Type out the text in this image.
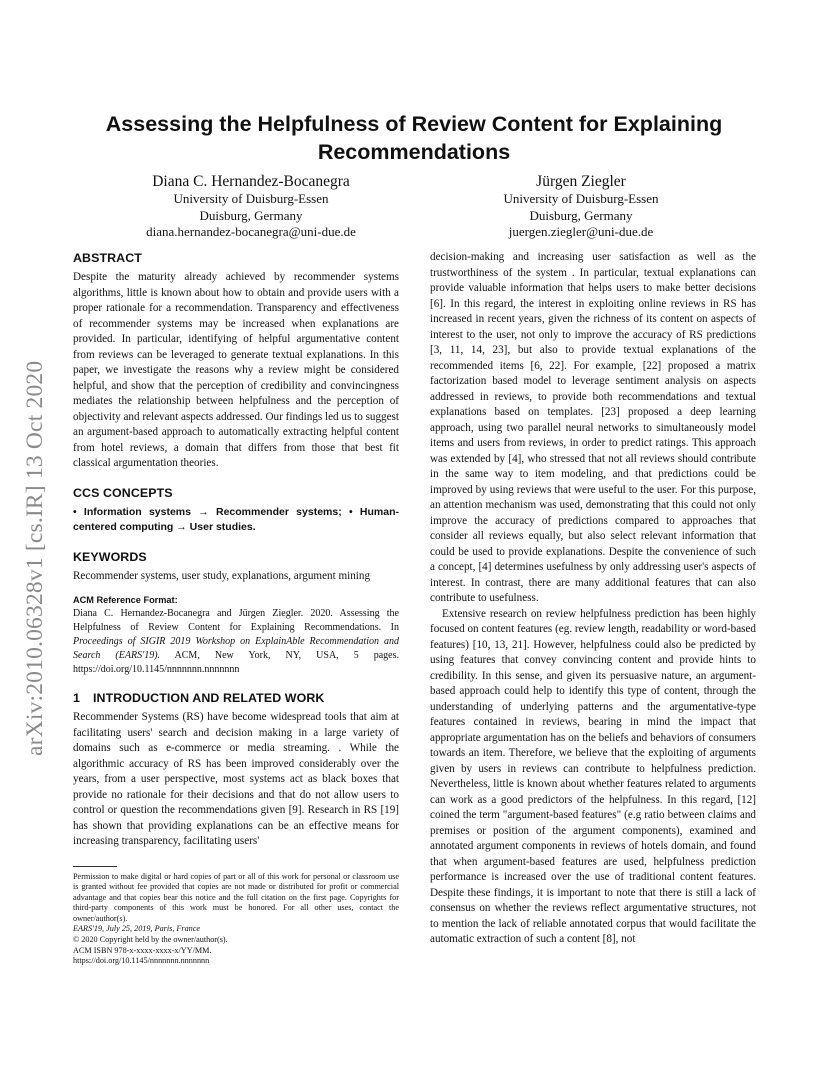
arXiv:2010.06328v1 [cs.IR] 13 Oct 2020
Assessing the Helpfulness of Review Content for Explaining Recommendations
Diana C. Hernandez-Bocanegra
University of Duisburg-Essen
Duisburg, Germany
diana.hernandez-bocanegra@uni-due.de
Jürgen Ziegler
University of Duisburg-Essen
Duisburg, Germany
juergen.ziegler@uni-due.de
ABSTRACT

Despite the maturity already achieved by recommender systems algorithms, little is known about how to obtain and provide users with a proper rationale for a recommendation. Transparency and effectiveness of recommender systems may be increased when explanations are provided. In particular, identifying of helpful argumentative content from reviews can be leveraged to generate textual explanations. In this paper, we investigate the reasons why a review might be considered helpful, and show that the perception of credibility and convincingness mediates the relationship between helpfulness and the perception of objectivity and relevant aspects addressed. Our findings led us to suggest an argument-based approach to automatically extracting helpful content from hotel reviews, a domain that differs from those that best fit classical argumentation theories.

CCS CONCEPTS

• Information systems → Recommender systems; • Human-centered computing → User studies.

KEYWORDS

Recommender systems, user study, explanations, argument mining

ACM Reference Format:

Diana C. Hernandez-Bocanegra and Jürgen Ziegler. 2020. Assessing the Helpfulness of Review Content for Explaining Recommendations. In Proceedings of SIGIR 2019 Workshop on ExplainAble Recommendation and Search (EARS'19). ACM, New York, NY, USA, 5 pages. https://doi.org/10.1145/nnnnnnn.nnnnnnn

1 INTRODUCTION AND RELATED WORK

Recommender Systems (RS) have become widespread tools that aim at facilitating users' search and decision making in a large variety of domains such as e-commerce or media streaming. . While the algorithmic accuracy of RS has been improved considerably over the years, from a user perspective, most systems act as black boxes that provide no rationale for their decisions and that do not allow users to control or question the recommendations given [9]. Research in RS [19] has shown that providing explanations can be an effective means for increasing transparency, facilitating users'

Permission to make digital or hard copies of part or all of this work for personal or classroom use is granted without fee provided that copies are not made or distributed for profit or commercial advantage and that copies bear this notice and the full citation on the first page. Copyrights for third-party components of this work must be honored. For all other uses, contact the owner/author(s).

EARS'19, July 25, 2019, Paris, France
© 2020 Copyright held by the owner/author(s).
ACM ISBN 978-x-xxxx-xxxx-x/YY/MM.
https://doi.org/10.1145/nnnnnnn.nnnnnnn

decision-making and increasing user satisfaction as well as the trustworthiness of the system . In particular, textual explanations can provide valuable information that helps users to make better decisions [6]. In this regard, the interest in exploiting online reviews in RS has increased in recent years, given the richness of its content on aspects of interest to the user, not only to improve the accuracy of RS predictions [3, 11, 14, 23], but also to provide textual explanations of the recommended items [6, 22]. For example, [22] proposed a matrix factorization based model to leverage sentiment analysis on aspects addressed in reviews, to provide both recommendations and textual explanations based on templates. [23] proposed a deep learning approach, using two parallel neural networks to simultaneously model items and users from reviews, in order to predict ratings. This approach was extended by [4], who stressed that not all reviews should contribute in the same way to item modeling, and that predictions could be improved by using reviews that were useful to the user. For this purpose, an attention mechanism was used, demonstrating that this could not only improve the accuracy of predictions compared to approaches that consider all reviews equally, but also select relevant information that could be used to provide explanations. Despite the convenience of such a concept, [4] determines usefulness by only addressing user's aspects of interest. In contrast, there are many additional features that can also contribute to usefulness.

Extensive research on review helpfulness prediction has been highly focused on content features (eg. review length, readability or word-based features) [10, 13, 21]. However, helpfulness could also be predicted by using features that convey convincing content and provide hints to credibility. In this sense, and given its persuasive nature, an argument-based approach could help to identify this type of content, through the understanding of underlying patterns and the argumentative-type features contained in reviews, bearing in mind the impact that appropriate argumentation has on the beliefs and behaviors of consumers towards an item. Therefore, we believe that the exploiting of arguments given by users in reviews can contribute to helpfulness prediction. Nevertheless, little is known about whether features related to arguments can work as a good predictors of the helpfulness. In this regard, [12] coined the term "argument-based features" (e.g ratio between claims and premises or position of the argument components), examined and annotated argument components in reviews of hotels domain, and found that when argument-based features are used, helpfulness prediction performance is increased over the use of traditional content features. Despite these findings, it is important to note that there is still a lack of consensus on whether the reviews reflect argumentative structures, not to mention the lack of reliable annotated corpus that would facilitate the automatic extraction of such a content [8], not
